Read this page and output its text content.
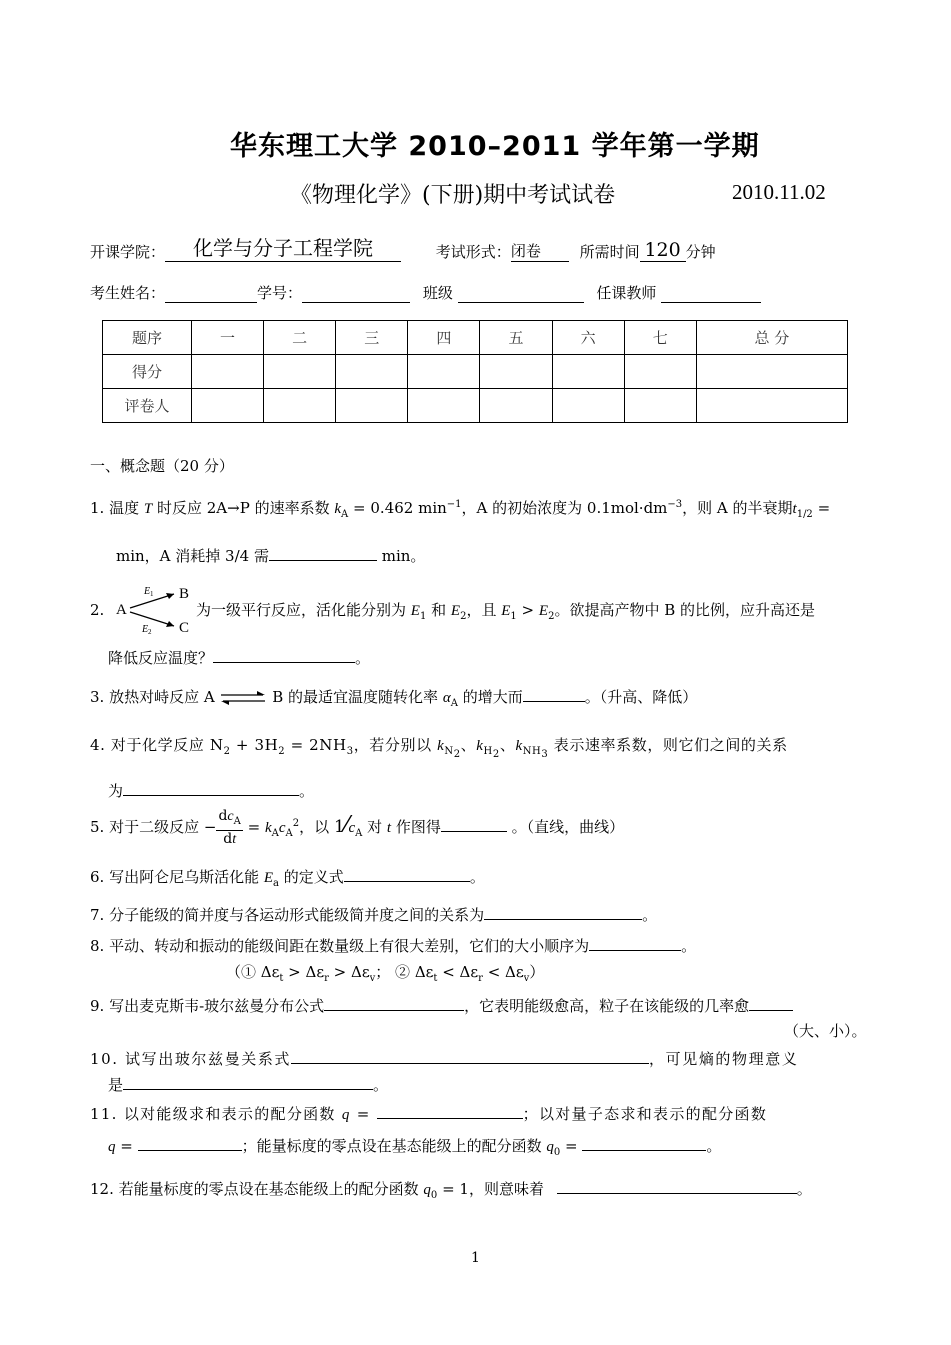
华东理工大学 2010–2011 学年第一学期
《物理化学》(下册)期中考试试卷	2010.11.02
开课学院： 化学与分子工程学院	考试形式：闭卷	所需时间 120 分钟
考生姓名：	学号：	班级	任课教师
题序	一	二	三	四	五	六	七	总 分
得分								
评卷人								
一、概念题（20 分）
1. 温度 T 时反应 2A→P 的速率系数 $k_A = 0.462$ $\min^{-1}$，A 的初始浓度为 $0.1mol\cdot dm^{-3}$，则 A 的半衰期$t_{1/2}$ =
min，A 消耗掉 3/4 需	min。
2. A
E 1
E 2
B
C
为一级平行反应，活化能分别为 $E_1$ 和 $E_2$，且 $E_1 > E_2$。欲提高产物中 B 的比例，应升高还是
降低反应温度？	。
3. 放热对峙反应 A ⇌ B 的最适宜温度随转化率 $\alpha_A$ 的增大而	。（升高、降低）
4. 对于化学反应 $N_2 + 3H_2 = 2NH_3$，若分别以 $k_{N_2}$、$k_{H_2}$、$k_{NH_3}$ 表示速率系数，则它们之间的关系
为	。
5. 对于二级反应 − $\frac{dc_A}{dt} = k_Ac_A^2$，以 $1⁄c_A$ 对 t 作图得	。（直线，曲线）
6. 写出阿仑尼乌斯活化能 $E_a$ 的定义式	。
7. 分子能级的简并度与各运动形式能级简并度之间的关系为	。
8. 平动、转动和振动的能级间距在数量级上有很大差别，它们的大小顺序为	。
（① $\Delta\varepsilon_t > \Delta\varepsilon_r > \Delta\varepsilon_v$； ② $\Delta\varepsilon_t < \Delta\varepsilon_r < \Delta\varepsilon_v$）
9. 写出麦克斯韦-玻尔兹曼分布公式	，它表明能级愈高，粒子在该能级的几率愈
（大、小）。
10. 试写出玻尔兹曼关系式	，可见熵的物理意义
是	。
11. 以对能级求和表示的配分函数 q =	；以对量子态求和表示的配分函数
q =	；能量标度的零点设在基态能级上的配分函数 $q_0$ =	。
12. 若能量标度的零点设在基态能级上的配分函数 $q_0 = 1$，则意味着	。
1
